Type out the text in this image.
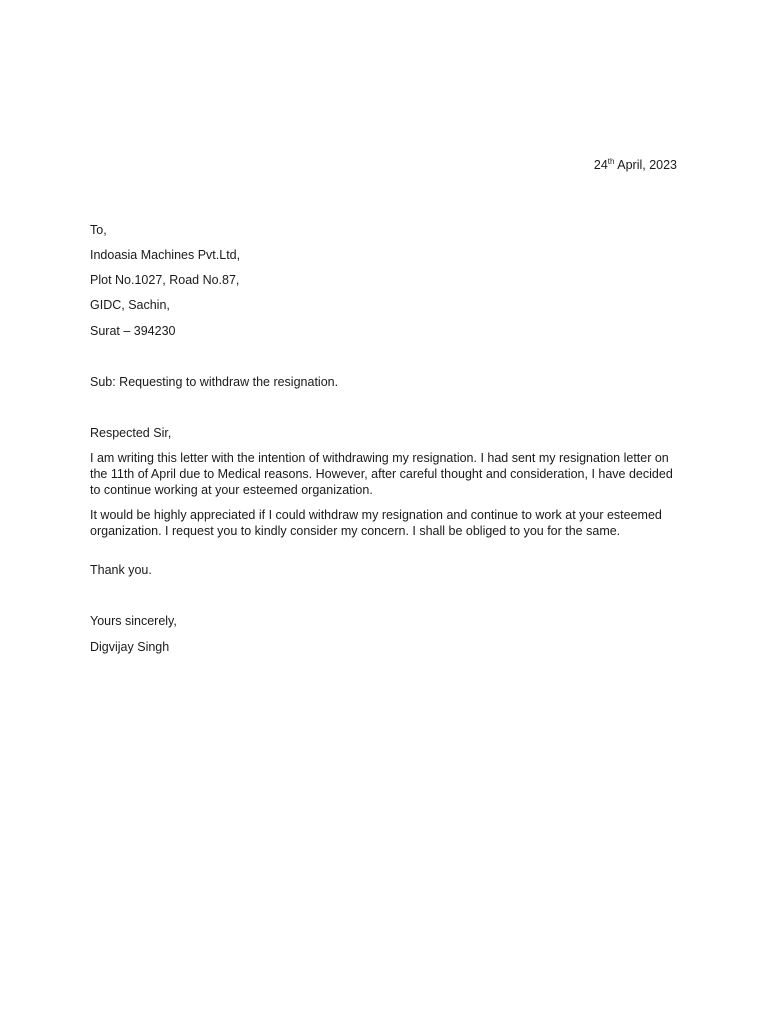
24th April, 2023
To,
Indoasia Machines Pvt.Ltd,
Plot No.1027, Road No.87,
GIDC, Sachin,
Surat – 394230
Sub: Requesting to withdraw the resignation.
Respected Sir,
I am writing this letter with the intention of withdrawing my resignation. I had sent my resignation letter on the 11th of April due to Medical reasons. However, after careful thought and consideration, I have decided to continue working at your esteemed organization.
It would be highly appreciated if I could withdraw my resignation and continue to work at your esteemed organization. I request you to kindly consider my concern. I shall be obliged to you for the same.
Thank you.
Yours sincerely,
Digvijay Singh
